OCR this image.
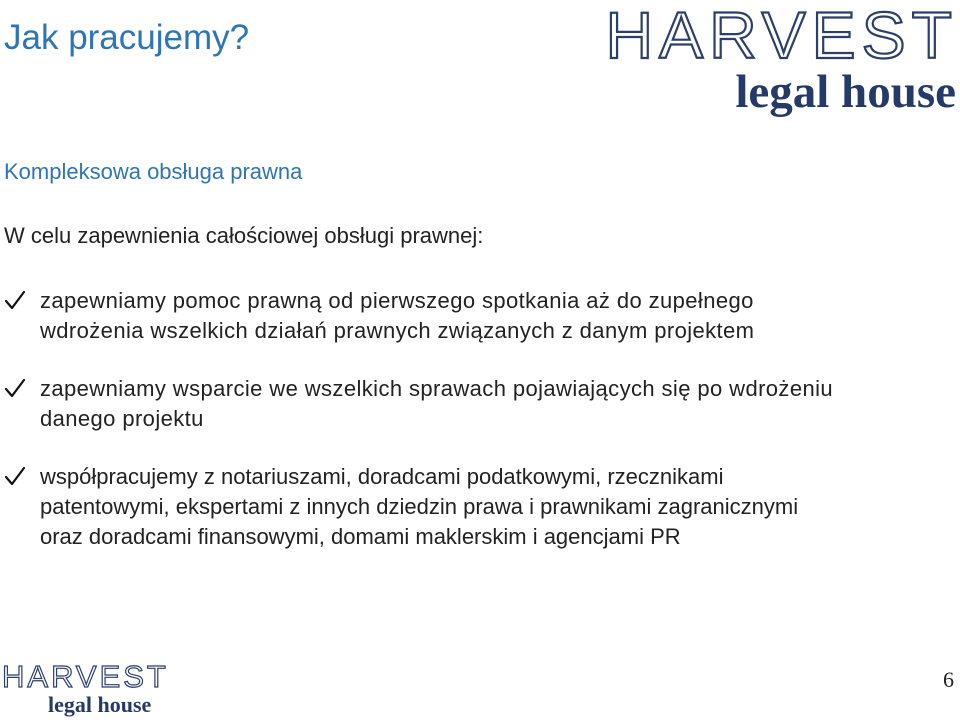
Jak pracujemy?	HARVEST
legal house
Kompleksowa obsługa prawna

W celu zapewnienia całościowej obsługi prawnej:

zapewniamy pomoc prawną od pierwszego spotkania aż do zupełnego
wdrożenia wszelkich działań prawnych związanych z danym projektem
zapewniamy wsparcie we wszelkich sprawach pojawiających się po wdrożeniu
danego projektu
współpracujemy z notariuszami, doradcami podatkowymi, rzecznikami
patentowymi, ekspertami z innych dziedzin prawa i prawnikami zagranicznymi
oraz doradcami finansowymi, domami maklerskim i agencjami PR
HARVEST
legal house
6
